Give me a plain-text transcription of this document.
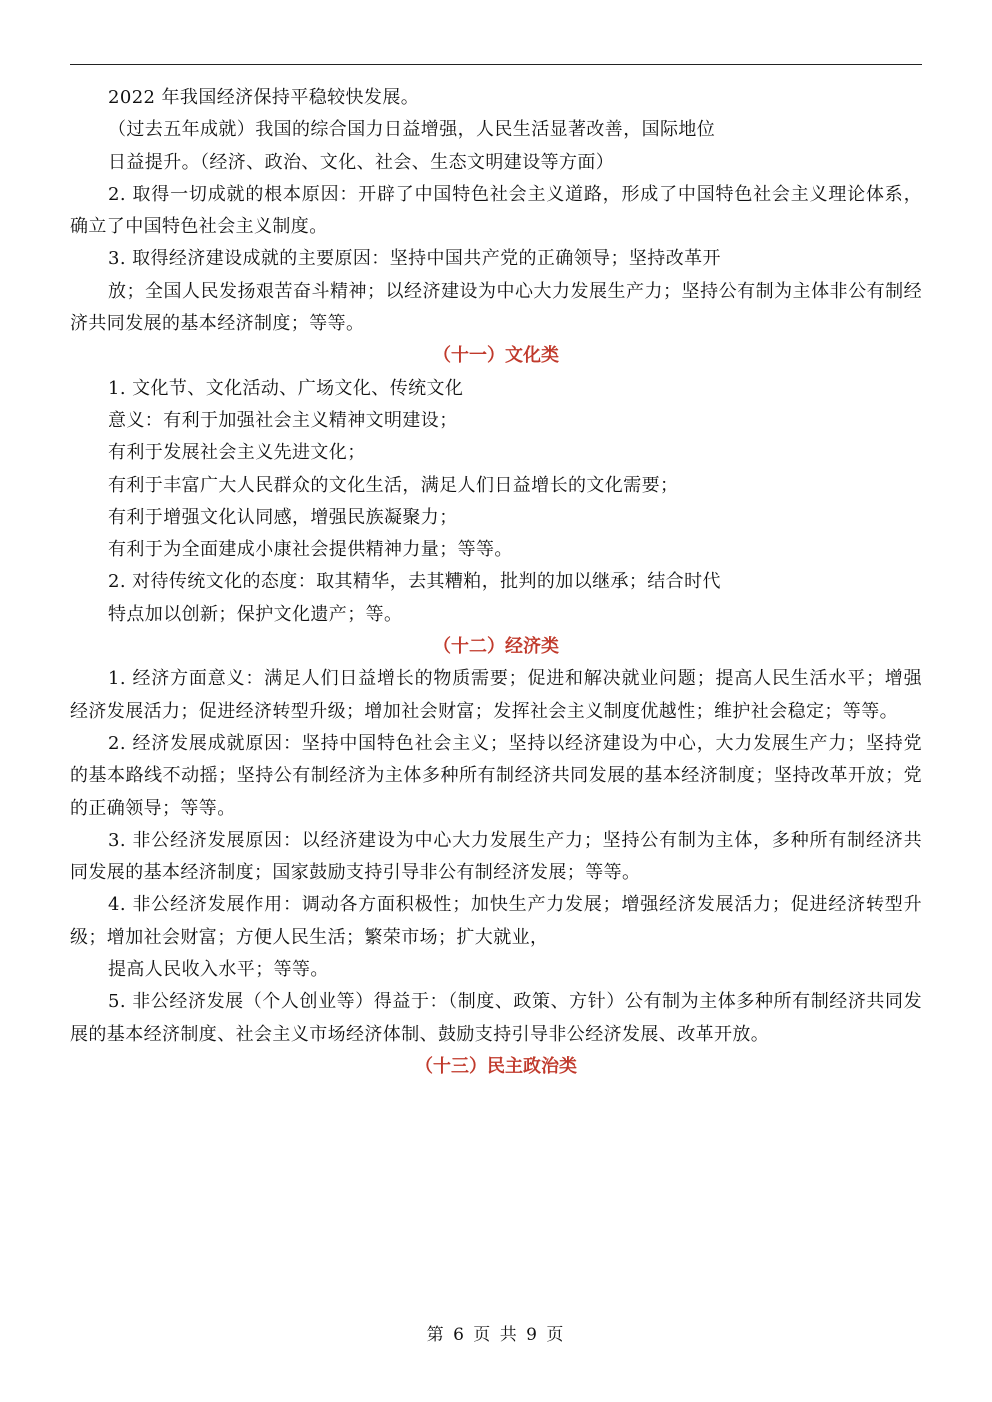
2022 年我国经济保持平稳较快发展。

（过去五年成就）我国的综合国力日益增强，人民生活显著改善，国际地位

日益提升。（经济、政治、文化、社会、生态文明建设等方面）

2. 取得一切成就的根本原因：开辟了中国特色社会主义道路，形成了中国特色社会主义理论体系，确立了中国特色社会主义制度。

3. 取得经济建设成就的主要原因：坚持中国共产党的正确领导；坚持改革开

放；全国人民发扬艰苦奋斗精神；以经济建设为中心大力发展生产力；坚持公有制为主体非公有制经济共同发展的基本经济制度；等等。

（十一）文化类

1. 文化节、文化活动、广场文化、传统文化

意义：有利于加强社会主义精神文明建设；

有利于发展社会主义先进文化；

有利于丰富广大人民群众的文化生活，满足人们日益增长的文化需要；

有利于增强文化认同感，增强民族凝聚力；

有利于为全面建成小康社会提供精神力量；等等。

2. 对待传统文化的态度：取其精华，去其糟粕，批判的加以继承；结合时代

特点加以创新；保护文化遗产；等。

（十二）经济类

1. 经济方面意义：满足人们日益增长的物质需要；促进和解决就业问题；提高人民生活水平；增强经济发展活力；促进经济转型升级；增加社会财富；发挥社会主义制度优越性；维护社会稳定；等等。

2. 经济发展成就原因：坚持中国特色社会主义；坚持以经济建设为中心，大力发展生产力；坚持党的基本路线不动摇；坚持公有制经济为主体多种所有制经济共同发展的基本经济制度；坚持改革开放；党的正确领导；等等。

3. 非公经济发展原因：以经济建设为中心大力发展生产力；坚持公有制为主体，多种所有制经济共同发展的基本经济制度；国家鼓励支持引导非公有制经济发展；等等。

4. 非公经济发展作用：调动各方面积极性；加快生产力发展；增强经济发展活力；促进经济转型升级；增加社会财富；方便人民生活；繁荣市场；扩大就业，

提高人民收入水平；等等。

5. 非公经济发展（个人创业等）得益于：（制度、政策、方针）公有制为主体多种所有制经济共同发展的基本经济制度、社会主义市场经济体制、鼓励支持引导非公经济发展、改革开放。

（十三）民主政治类
第 6 页 共 9 页
